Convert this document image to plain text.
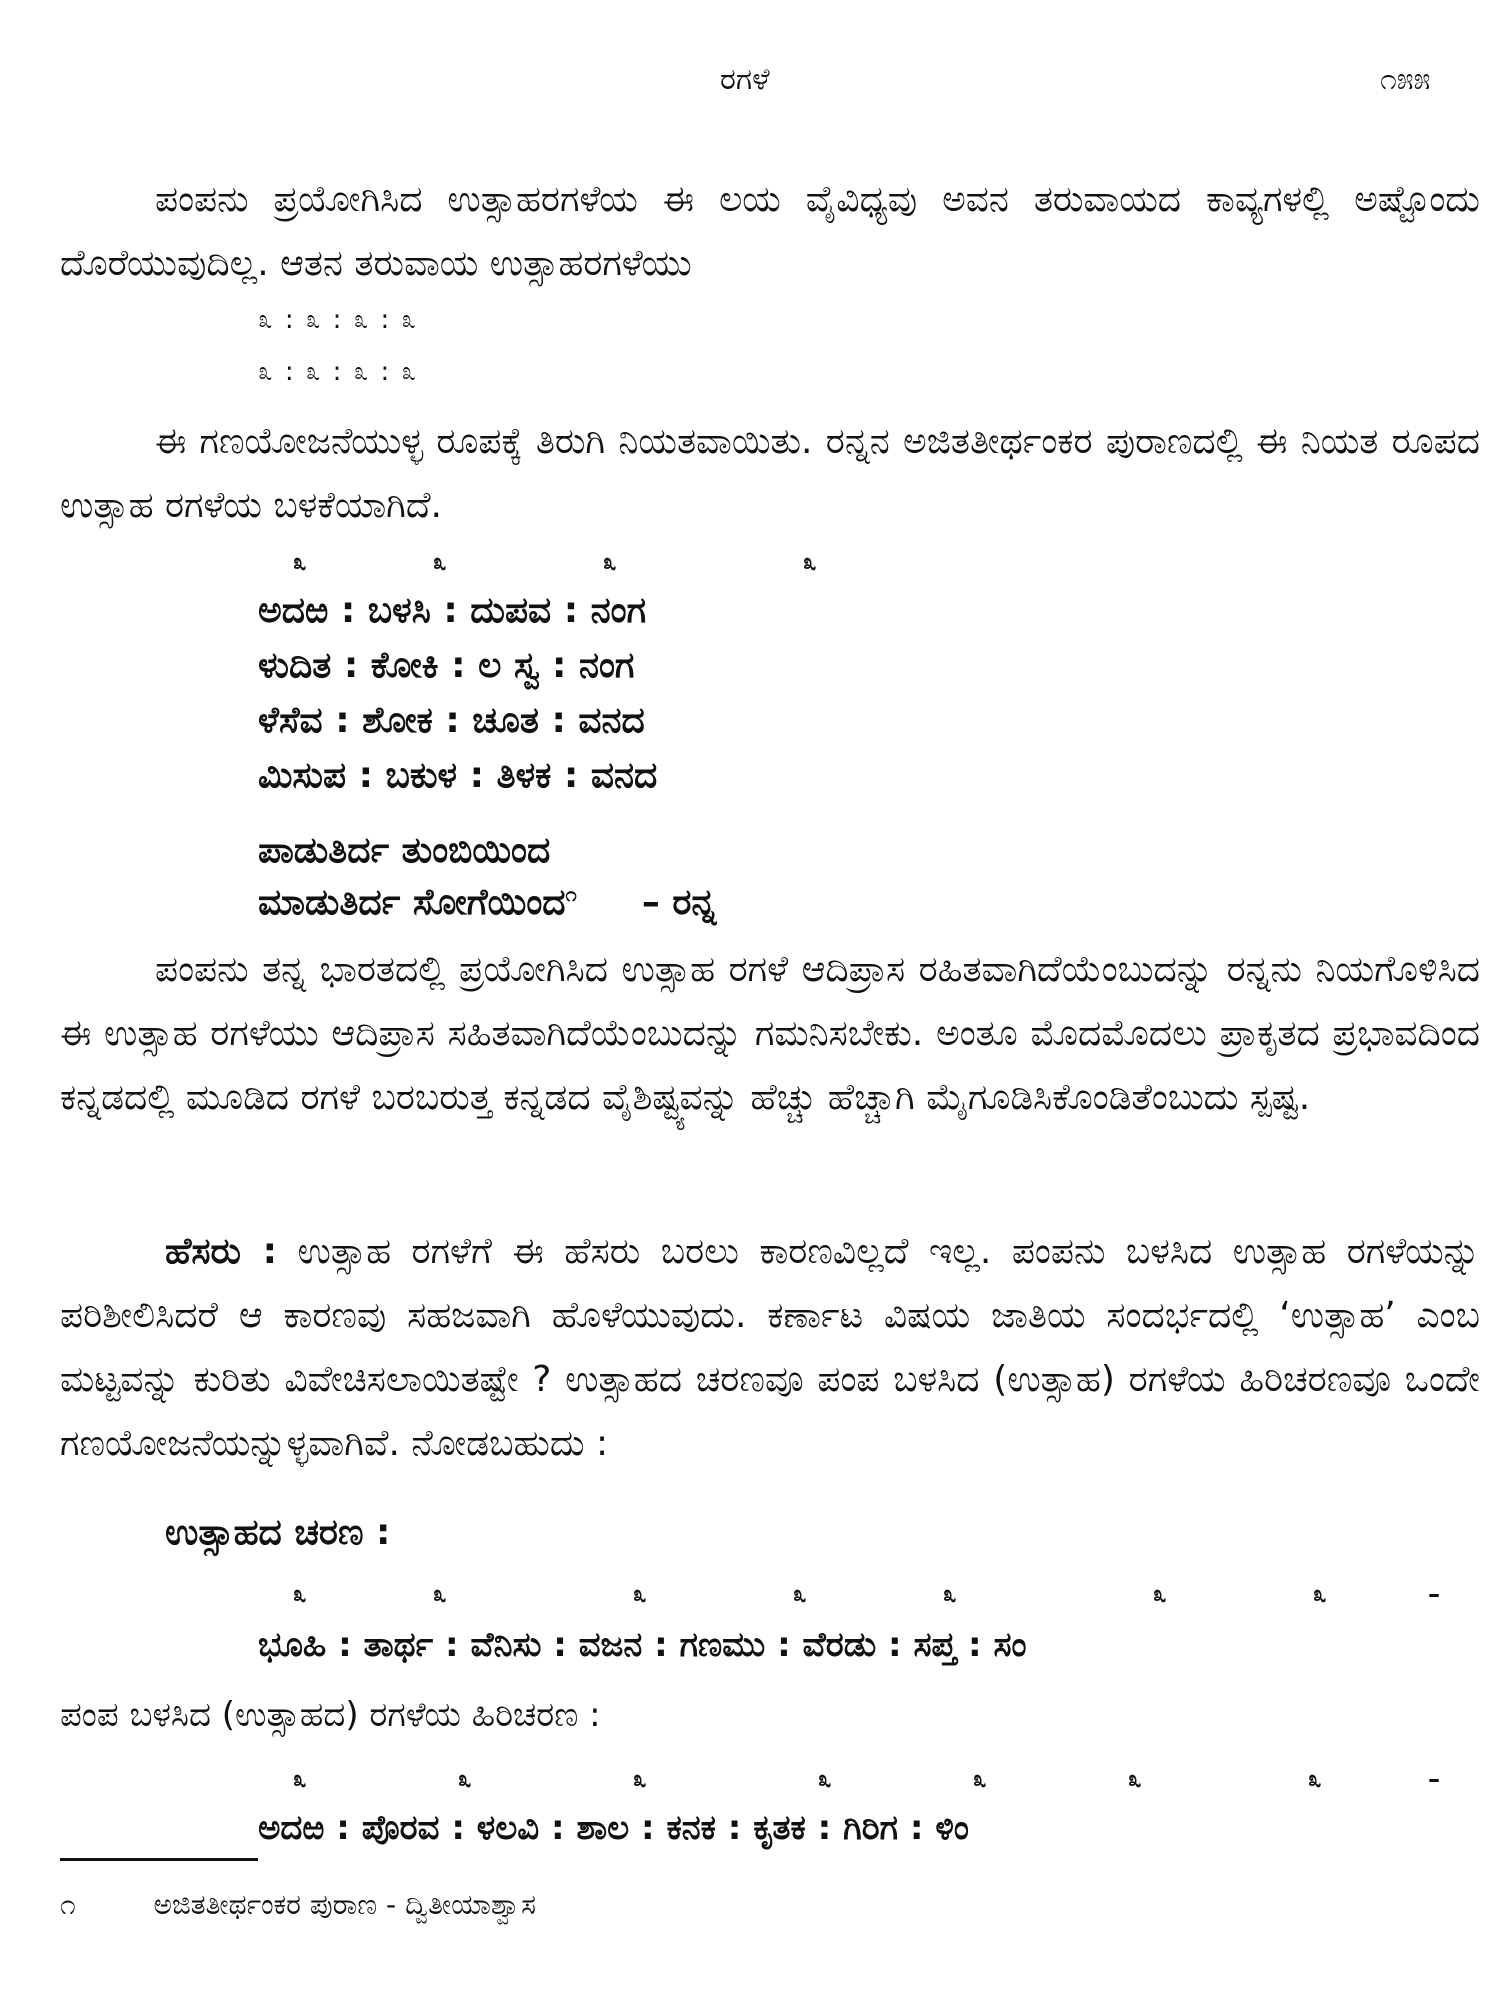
ರಗಳೆ	೧೫೫
ಪಂಪನು ಪ್ರಯೋಗಿಸಿದ ಉತ್ಸಾಹರಗಳೆಯ ಈ ಲಯ ವೈವಿಧ್ಯವು ಅವನ ತರುವಾಯದ ಕಾವ್ಯಗಳಲ್ಲಿ ಅಷ್ಟೊಂದು ದೊರೆಯುವುದಿಲ್ಲ. ಆತನ ತರುವಾಯ ಉತ್ಸಾಹರಗಳೆಯು
೩ : ೩ : ೩ : ೩
೩ : ೩ : ೩ : ೩
ಈ ಗಣಯೋಜನೆಯುಳ್ಳ ರೂಪಕ್ಕೆ ತಿರುಗಿ ನಿಯತವಾಯಿತು. ರನ್ನನ ಅಜಿತತೀರ್ಥಂಕರ ಪುರಾಣದಲ್ಲಿ ಈ ನಿಯತ ರೂಪದ ಉತ್ಸಾಹ ರಗಳೆಯ ಬಳಕೆಯಾಗಿದೆ.
೩	೩	೩	೩
ಅದಱ : ಬಳಸಿ : ದುಪವ : ನಂಗ
ಳುದಿತ : ಕೋಕಿ : ಲ ಸ್ವ : ನಂಗ
ಳೆಸೆವ : ಶೋಕ : ಚೂತ : ವನದ
ಮಿಸುಪ : ಬಕುಳ : ತಿಳಕ : ವನದ
ಪಾಡುತಿರ್ದ ತುಂಬಿಯಿಂದ
ಮಾಡುತಿರ್ದ ಸೋಗೆಯಿಂದ$^೧$ – ರನ್ನ
ಪಂಪನು ತನ್ನ ಭಾರತದಲ್ಲಿ ಪ್ರಯೋಗಿಸಿದ ಉತ್ಸಾಹ ರಗಳೆ ಆದಿಪ್ರಾಸ ರಹಿತವಾಗಿದೆಯೆಂಬುದನ್ನು ರನ್ನನು ನಿಯಗೊಳಿಸಿದ ಈ ಉತ್ಸಾಹ ರಗಳೆಯು ಆದಿಪ್ರಾಸ ಸಹಿತವಾಗಿದೆಯೆಂಬುದನ್ನು ಗಮನಿಸಬೇಕು. ಅಂತೂ ಮೊದಮೊದಲು ಪ್ರಾಕೃತದ ಪ್ರಭಾವದಿಂದ ಕನ್ನಡದಲ್ಲಿ ಮೂಡಿದ ರಗಳೆ ಬರಬರುತ್ತ ಕನ್ನಡದ ವೈಶಿಷ್ಟ್ಯವನ್ನು ಹೆಚ್ಚು ಹೆಚ್ಚಾಗಿ ಮೈಗೂಡಿಸಿಕೊಂಡಿತೆಂಬುದು ಸ್ಪಷ್ಟ.
ಹೆಸರು : ಉತ್ಸಾಹ ರಗಳೆಗೆ ಈ ಹೆಸರು ಬರಲು ಕಾರಣವಿಲ್ಲದೆ ಇಲ್ಲ. ಪಂಪನು ಬಳಸಿದ ಉತ್ಸಾಹ ರಗಳೆಯನ್ನು ಪರಿಶೀಲಿಸಿದರೆ ಆ ಕಾರಣವು ಸಹಜವಾಗಿ ಹೊಳೆಯುವುದು. ಕರ್ಣಾಟ ವಿಷಯ ಜಾತಿಯ ಸಂದರ್ಭದಲ್ಲಿ ‘ಉತ್ಸಾಹ’ ಎಂಬ ಮಟ್ಟವನ್ನು ಕುರಿತು ವಿವೇಚಿಸಲಾಯಿತಷ್ಟೇ ? ಉತ್ಸಾಹದ ಚರಣವೂ ಪಂಪ ಬಳಸಿದ (ಉತ್ಸಾಹ) ರಗಳೆಯ ಹಿರಿಚರಣವೂ ಒಂದೇ ಗಣಯೋಜನೆಯನ್ನುಳ್ಳವಾಗಿವೆ. ನೋಡಬಹುದು :
ಉತ್ಸಾಹದ ಚರಣ :
೩	೩	೩	೩	೩	೩	೩	–
ಭೂಹಿ : ತಾರ್ಥ : ವೆನಿಸು : ವಜನ : ಗಣಮು : ವೆರಡು : ಸಪ್ತ : ಸಂ
ಪಂಪ ಬಳಸಿದ (ಉತ್ಸಾಹದ) ರಗಳೆಯ ಹಿರಿಚರಣ :
೩	೩	೩	೩	೩	೩	೩	–
ಅದಱ : ಪೊರವ : ಳಲವಿ : ಶಾಲ : ಕನಕ : ಕೃತಕ : ಗಿರಿಗ : ಳಿಂ
೧	ಅಜಿತತೀರ್ಥಂಕರ ಪುರಾಣ - ದ್ವಿತೀಯಾಶ್ವಾಸ
